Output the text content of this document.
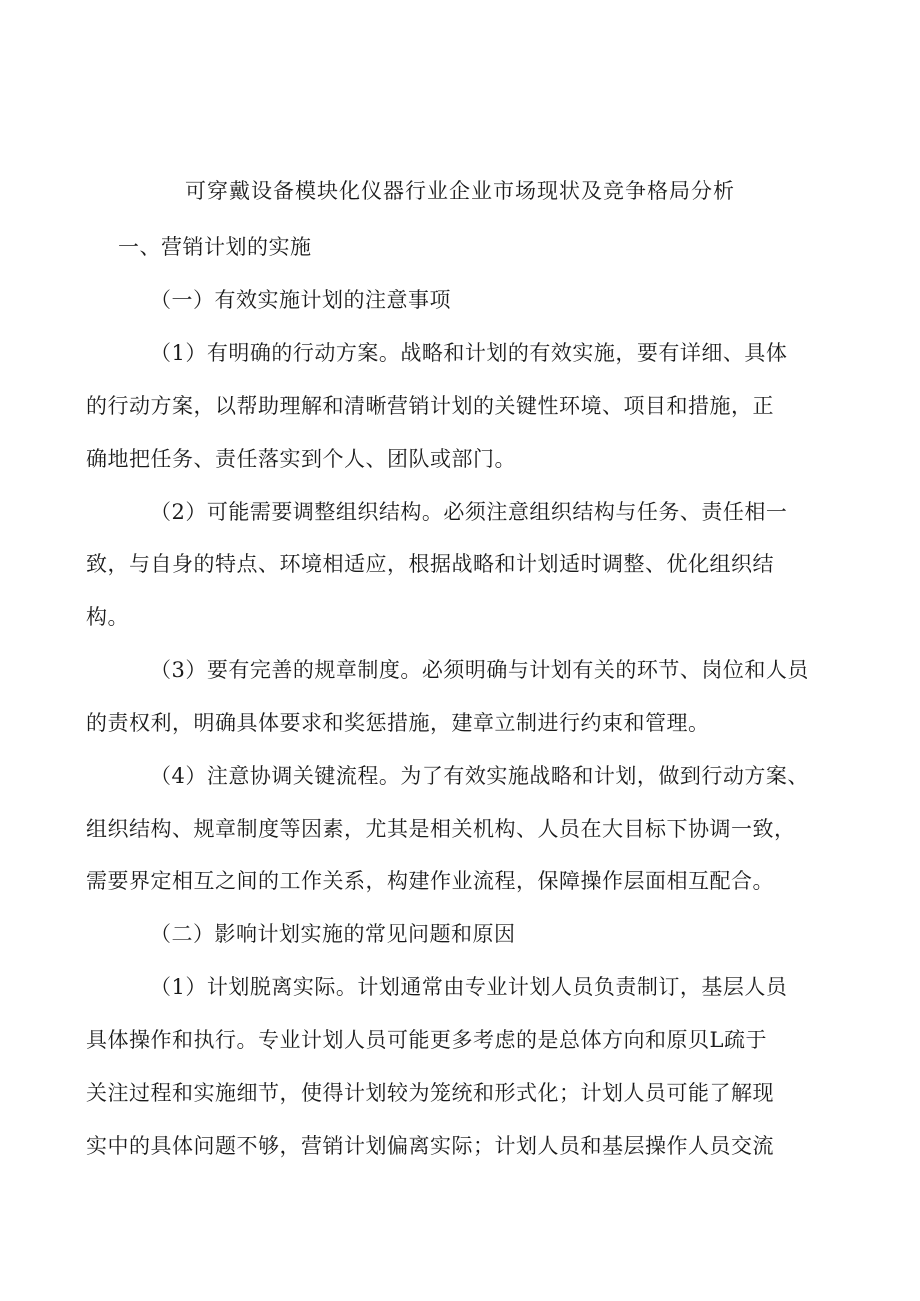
可穿戴设备模块化仪器行业企业市场现状及竞争格局分析
一、营销计划的实施
（一）有效实施计划的注意事项
（1）有明确的行动方案。战略和计划的有效实施，要有详细、具体
的行动方案，以帮助理解和清晰营销计划的关键性环境、项目和措施，正
确地把任务、责任落实到个人、团队或部门。
（2）可能需要调整组织结构。必须注意组织结构与任务、责任相一
致，与自身的特点、环境相适应，根据战略和计划适时调整、优化组织结
构。
（3）要有完善的规章制度。必须明确与计划有关的环节、岗位和人员
的责权利，明确具体要求和奖惩措施，建章立制进行约束和管理。
（4）注意协调关键流程。为了有效实施战略和计划，做到行动方案、
组织结构、规章制度等因素，尤其是相关机构、人员在大目标下协调一致，
需要界定相互之间的工作关系，构建作业流程，保障操作层面相互配合。
（二）影响计划实施的常见问题和原因
（1）计划脱离实际。计划通常由专业计划人员负责制订，基层人员
具体操作和执行。专业计划人员可能更多考虑的是总体方向和原贝L疏于
关注过程和实施细节，使得计划较为笼统和形式化；计划人员可能了解现
实中的具体问题不够，营销计划偏离实际；计划人员和基层操作人员交流
